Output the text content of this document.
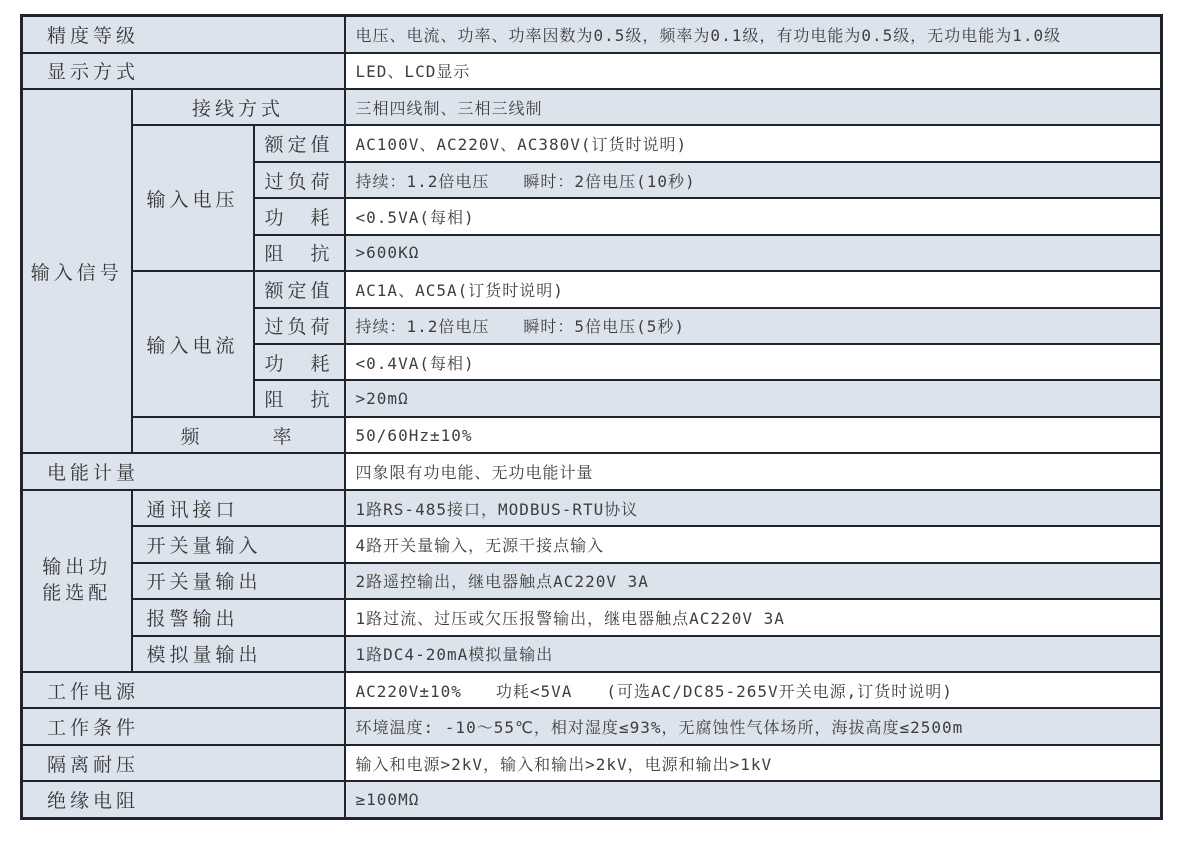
精度等级			电压、电流、功率、功率因数为0.5级，频率为0.1级，有功电能为0.5级，无功电能为1.0级
显示方式			LED、LCD显示
输入信号	接线方式		三相四线制、三相三线制
	输入电压	额定值	AC100V、AC220V、AC380V(订货时说明)
		过负荷	持续：1.2倍电压　　瞬时：2倍电压(10秒)
		功　耗	<0.5VA(每相)
		阻　抗	>600KΩ
	输入电流	额定值	AC1A、AC5A(订货时说明)
		过负荷	持续：1.2倍电压　　瞬时：5倍电压(5秒)
		功　耗	<0.4VA(每相)
		阻　抗	>20mΩ
	频　　　率		50/60Hz±10%
电能计量			四象限有功电能、无功电能计量
输出功能选配	通讯接口		1路RS-485接口，MODBUS-RTU协议
	开关量输入		4路开关量输入，无源干接点输入
	开关量输出		2路遥控输出，继电器触点AC220V 3A
	报警输出		1路过流、过压或欠压报警输出，继电器触点AC220V 3A
	模拟量输出		1路DC4-20mA模拟量输出
工作电源			AC220V±10%　　功耗<5VA　　(可选AC/DC85-265V开关电源,订货时说明)
工作条件			环境温度: -10～55℃，相对湿度≤93%，无腐蚀性气体场所，海拔高度≤2500m
隔离耐压			输入和电源>2kV，输入和输出>2kV，电源和输出>1kV
绝缘电阻			≥100MΩ
